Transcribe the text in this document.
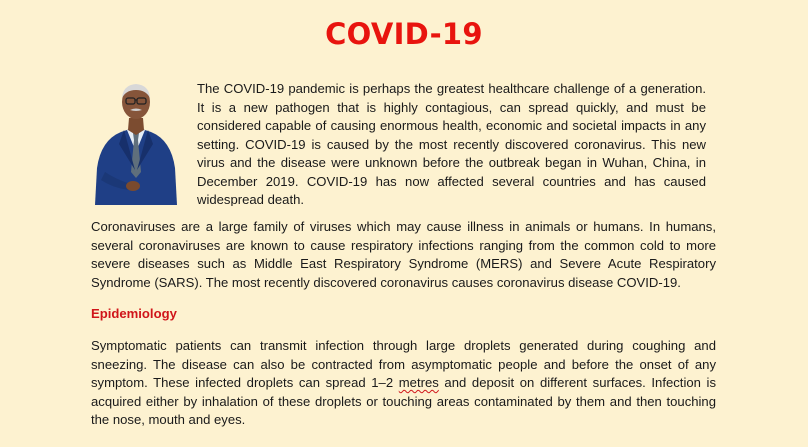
COVID-19

The COVID-19 pandemic is perhaps the greatest healthcare challenge of a generation. It is a new pathogen that is highly contagious, can spread quickly, and must be considered capable of causing enormous health, economic and societal impacts in any setting. COVID-19 is caused by the most recently discovered coronavirus. This new virus and the disease were unknown before the outbreak began in Wuhan, China, in December 2019. COVID-19 has now affected several countries and has caused widespread death.

Coronaviruses are a large family of viruses which may cause illness in animals or humans. In humans, several coronaviruses are known to cause respiratory infections ranging from the common cold to more severe diseases such as Middle East Respiratory Syndrome (MERS) and Severe Acute Respiratory Syndrome (SARS). The most recently discovered coronavirus causes coronavirus disease COVID-19.

Epidemiology

Symptomatic patients can transmit infection through large droplets generated during coughing and sneezing. The disease can also be contracted from asymptomatic people and before the onset of any symptom. These infected droplets can spread 1–2 metres and deposit on different surfaces. Infection is acquired either by inhalation of these droplets or touching areas contaminated by them and then touching the nose, mouth and eyes.
